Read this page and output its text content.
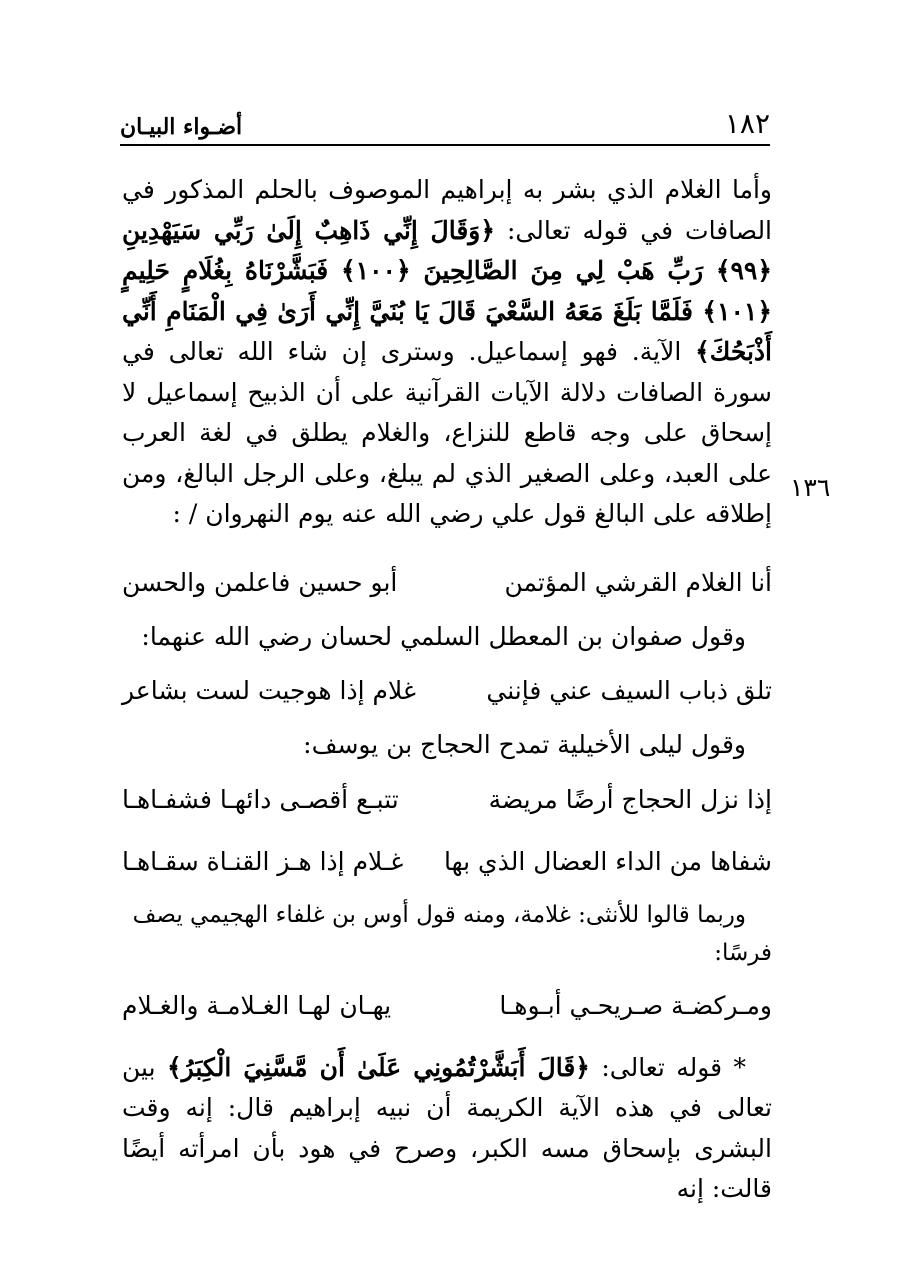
١٨٢
أضـواء البيـان
١٣٦

وأما الغلام الذي بشر به إبراهيم الموصوف بالحلم المذكور في الصافات في قوله تعالى: ﴿وَقَالَ إِنِّي ذَاهِبٌ إِلَىٰ رَبِّي سَيَهْدِينِ ﴿٩٩﴾ رَبِّ هَبْ لِي مِنَ الصَّالِحِينَ ﴿١٠٠﴾ فَبَشَّرْنَاهُ بِغُلَامٍ حَلِيمٍ ﴿١٠١﴾ فَلَمَّا بَلَغَ مَعَهُ السَّعْيَ قَالَ يَا بُنَيَّ إِنِّي أَرَىٰ فِي الْمَنَامِ أَنِّي أَذْبَحُكَ﴾ الآية. فهو إسماعيل. وسترى إن شاء الله تعالى في سورة الصافات دلالة الآيات القرآنية على أن الذبيح إسماعيل لا إسحاق على وجه قاطع للنزاع، والغلام يطلق في لغة العرب على العبد، وعلى الصغير الذي لم يبلغ، وعلى الرجل البالغ، ومن إطلاقه على البالغ قول علي رضي الله عنه يوم النهروان / :

أنا الغلام القرشي المؤتمن
أبو حسين فاعلمن والحسن

وقول صفوان بن المعطل السلمي لحسان رضي الله عنهما:

تلق ذباب السيف عني فإنني
غلام إذا هوجيت لست بشاعر

وقول ليلى الأخيلية تمدح الحجاج بن يوسف:

إذا نزل الحجاج أرضًا مريضة
تتبـع أقصـى دائهـا فشفـاهـا
شفاها من الداء العضال الذي بها
غـلام إذا هـز القنـاة سقـاهـا

وربما قالوا للأنثى: غلامة، ومنه قول أوس بن غلفاء الهجيمي يصف فرسًا:

ومـركضـة صـريحـي أبـوهـا
يهـان لهـا الغـلامـة والغـلام

* قوله تعالى: ﴿قَالَ أَبَشَّرْتُمُونِي عَلَىٰ أَن مَّسَّنِيَ الْكِبَرُ﴾ بين تعالى في هذه الآية الكريمة أن نبيه إبراهيم قال: إنه وقت البشرى بإسحاق مسه الكبر، وصرح في هود بأن امرأته أيضًا قالت: إنه
